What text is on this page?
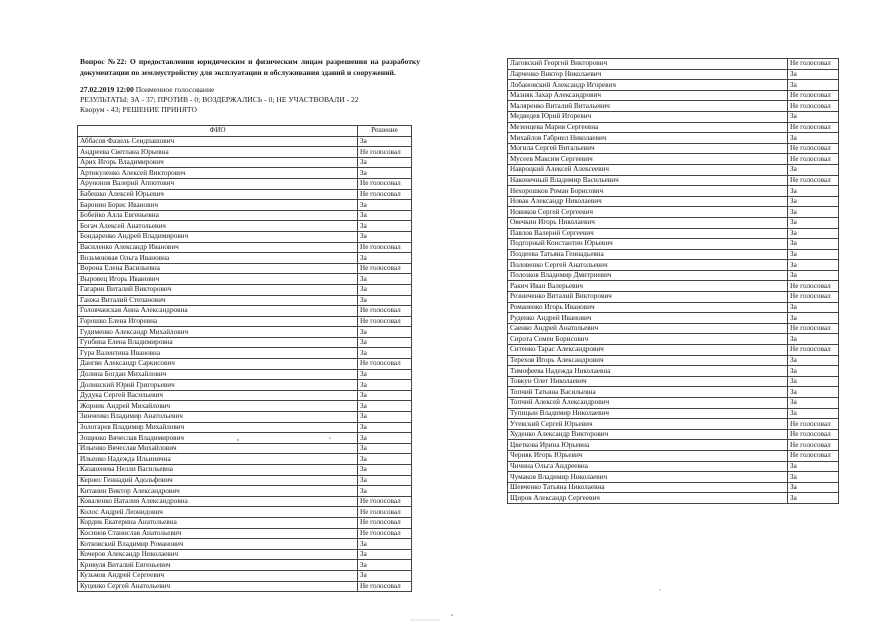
Вопрос №22: О предоставлении юридическим и физическим лицам разрешения на разработку документации по землеустройству для эксплуатации и обслуживания зданий и сооружений.
27.02.2019 12:00 Поименное голосование
РЕЗУЛЬТАТЫ: ЗА - 37; ПРОТИВ - 0; ВОЗДЕРЖАЛИСЬ - 0; НЕ УЧАСТВОВАЛИ - 22
Кворум - 43; РЕШЕНИЕ ПРИНЯТО
ФИО	Решение
Аббасов Фазиль Сеидпашович	За
Андреева Светлана Юрьевна	Не голосовал
Арих Игорь Владимирович	За
Артикуленко Алексей Викторович	За
Арунонов Валерий Аппотович	Не голосовал
Бабешко Алексей Юрьевич	Не голосовал
Баронин Борис Иванович	За
Бобейко Алла Евгеньевна	За
Богач Алексей Анатольевич	За
Бондаренко Андрей Владимирович	За
Василенко Александр Иванович	Не голосовал
Возьмоювая Ольга Ивановна	За
Ворона Елена Васильевна	Не голосовал
Выровец Игорь Иванович	За
Гагарин Виталий Викторович	За
Ганжа Виталий Степанович	За
Головчанская Анна Александровна	Не голосовал
Горошко Елена Игоревна	Не голосовал
Гудименко Александр Михайлович	За
Гунбина Елена Владимировна	За
Гура Валентина Ивановна	За
Дангян Александр Саркисович	Не голосовал
Долина Богдан Михайлович	За
Долинский Юрий Григорьевич	За
Дудука Сергей Васильевич	За
Жорник Андрей Михайлович	За
Зинченко Владимир Анатольевич	За
Золотарев Владимир Михайлович	За
Зощенко Вячеслав Владимирович	За
Ильенко Вячеслав Михайлович	За
Ильенко Надежда Ильинична	За
Казаненева Нелли Васильевна	За
Кернес Геннадий Адольфович	За
Китанин Виктор Александрович	За
Коваленко Наталия Александровна	Не голосовал
Колос Андрей Леонидович	Не голосовал
Кордик Екатерина Анатольевна	Не голосовал
Косинов Станислав Анатольевич	Не голосовал
Котковский Владимир Романович	За
Кочеров Александр Николаевич	За
Кривуля Виталий Евгеньевич	За
Кузьмов Андрей Сергеевич	За
Куценко Сергей Анатольевич	Не голосовал
Лаговский Георгий Викторович	Не голосовал
Ларченко Виктор Николаевич	За
Лобановский Александр Игоревич	За
Мазняк Захар Александрович	Не голосовал
Маляренко Виталий Витальевич	Не голосовал
Медведев Юрий Игоревич	За
Мезенцева Мария Сергеевна	Не голосовал
Михайлов Габриел Николаевич	За
Могила Сергей Витальевич	Не голосовал
Мусеев Максим Сергеевич	Не голосовал
Навроцкий Алексей Алексеевич	За
Наконечный Владимир Васильевич	Не голосовал
Нехорошков Роман Борисович	За
Новак Александр Николаевич	За
Новиков Сергей Сергеевич	За
Овечкин Игорь Николаевич	За
Павлов Валерий Сергеевич	За
Подгорный Константин Юрьевич	За
Поздеева Татьяна Геннадьевна	За
Половенко Сергей Анатольевич	За
Полозков Владимир Дмитриевич	За
Ракич Иван Валерьевич	Не голосовал
Резниченко Виталий Викторович	Не голосовал
Романенко Игорь Иванович	За
Руденко Андрей Иванович	За
Саенко Андрей Анатольевич	Не голосовал
Сирота Семен Борисович	За
Ситенко Тарас Александрович	Не голосовал
Терехов Игорь Александрович	За
Тимофеева Надежда Николаевна	За
Товкун Олег Николаевич	За
Топчий Татьяна Васильевна	За
Топчий Алексей Александрович	За
Тупицын Владимир Николаевич	За
Утевский Сергей Юрьевич	Не голосовал
Худенко Александр Викторович	Не голосовал
Цветкова Ирина Юрьевна	Не голосовал
Черняк Игорь Юрьевич	Не голосовал
Чичина Ольга Андреевна	За
Чумаков Владимир Николаевич	За
Шевченко Татьяна Николаевна	За
Щиров Александр Сергеевич	За
